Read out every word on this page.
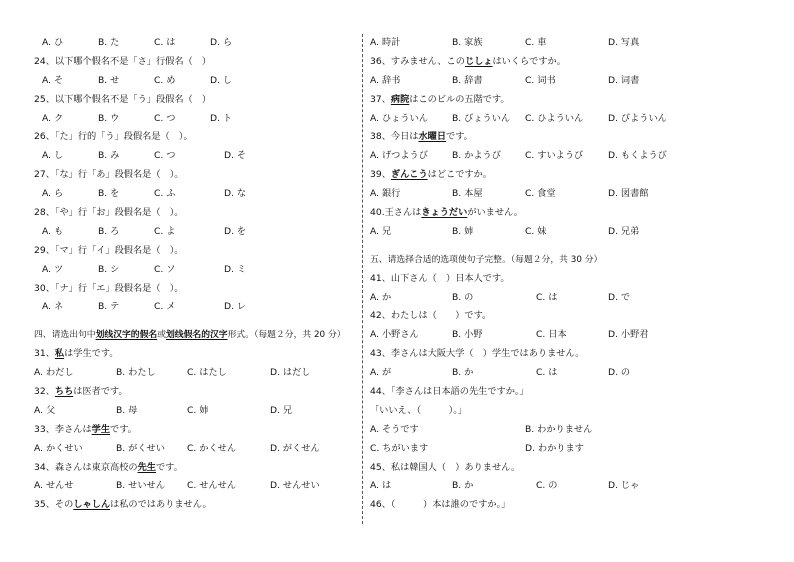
A. ひ	B. た	C. は	D. ら
24、以下哪个假名不是「さ」行假名（　）
A. そ	B. せ	C. め	D. し
25、以下哪个假名不是「う」段假名（　）
A. ク	B. ウ	C. つ	D. ト
26、「た」行的「う」段假名是（　）。
A. し	B. み	C. つ	D. そ
27、「な」行「あ」段假名是（　）。
A. ら	B. を	C. ふ	D. な
28、「や」行「お」段假名是（　）。
A. も	B. ろ	C. よ	D. を
29、「マ」行「イ」段假名是（　）。
A. ツ	B. シ	C. ソ	D. ミ
30、「ナ」行「エ」段假名是（　）。
A. ネ	B. テ	C. メ	D. レ
四、请选出句中划线汉字的假名或划线假名的汉字形式。（每题２分，共 20 分）
31、私は学生です。
A. わだし	B. わたし	C. はたし	D. はだし
32、ちちは医者です。
A. 父	B. 母	C. 姉	D. 兄
33、李さんは学生です。
A. かくせい	B. がくせい C. かくせん	D. がくせん
34、森さんは東京高校の先生です。
A. せんせ	B. せいせん C. せんせん	D. せんせい
35、そのしゃしんは私のではありません。
A. 時計	B. 家族	C. 車	D. 写真
36、すみません、このじしょはいくらですか。
A. 辞书	B. 辞書	C. 词书	D. 词書
37、病院はこのビルの五階です。
A. ひょういん	B. びょういん C. ひよういん	D. びよういん
38、今日は水曜日です。
A. げつようび	B. かようび	C. すいようび	D. もくようび
39、ぎんこうはどこですか。
A. 銀行	B. 本屋	C. 食堂	D. 図書館
40.王さんはきょうだいがいません。
A. 兄	B. 姉	C. 妹	D. 兄弟
五、请选择合适的选项使句子完整。（每题２分，共 30 分）
41、山下さん（　）日本人です。
A. か	B. の	C. は	D. で
42、わたしは（　　）です。
A. 小野さん	B. 小野	C. 日本	D. 小野君
43、李さんは大阪大学（　）学生ではありません。
A. が	B. か	C. は	D. の
44、「李さんは日本語の先生ですか。」
「いいえ、（　　　）。」
A. そうです	B. わかりません
C. ちがいます	D. わかります
45、私は韓国人（　）ありません。
A. は	B. か	C. の	D. じゃ
46、（　　　）本は誰のですか。」
